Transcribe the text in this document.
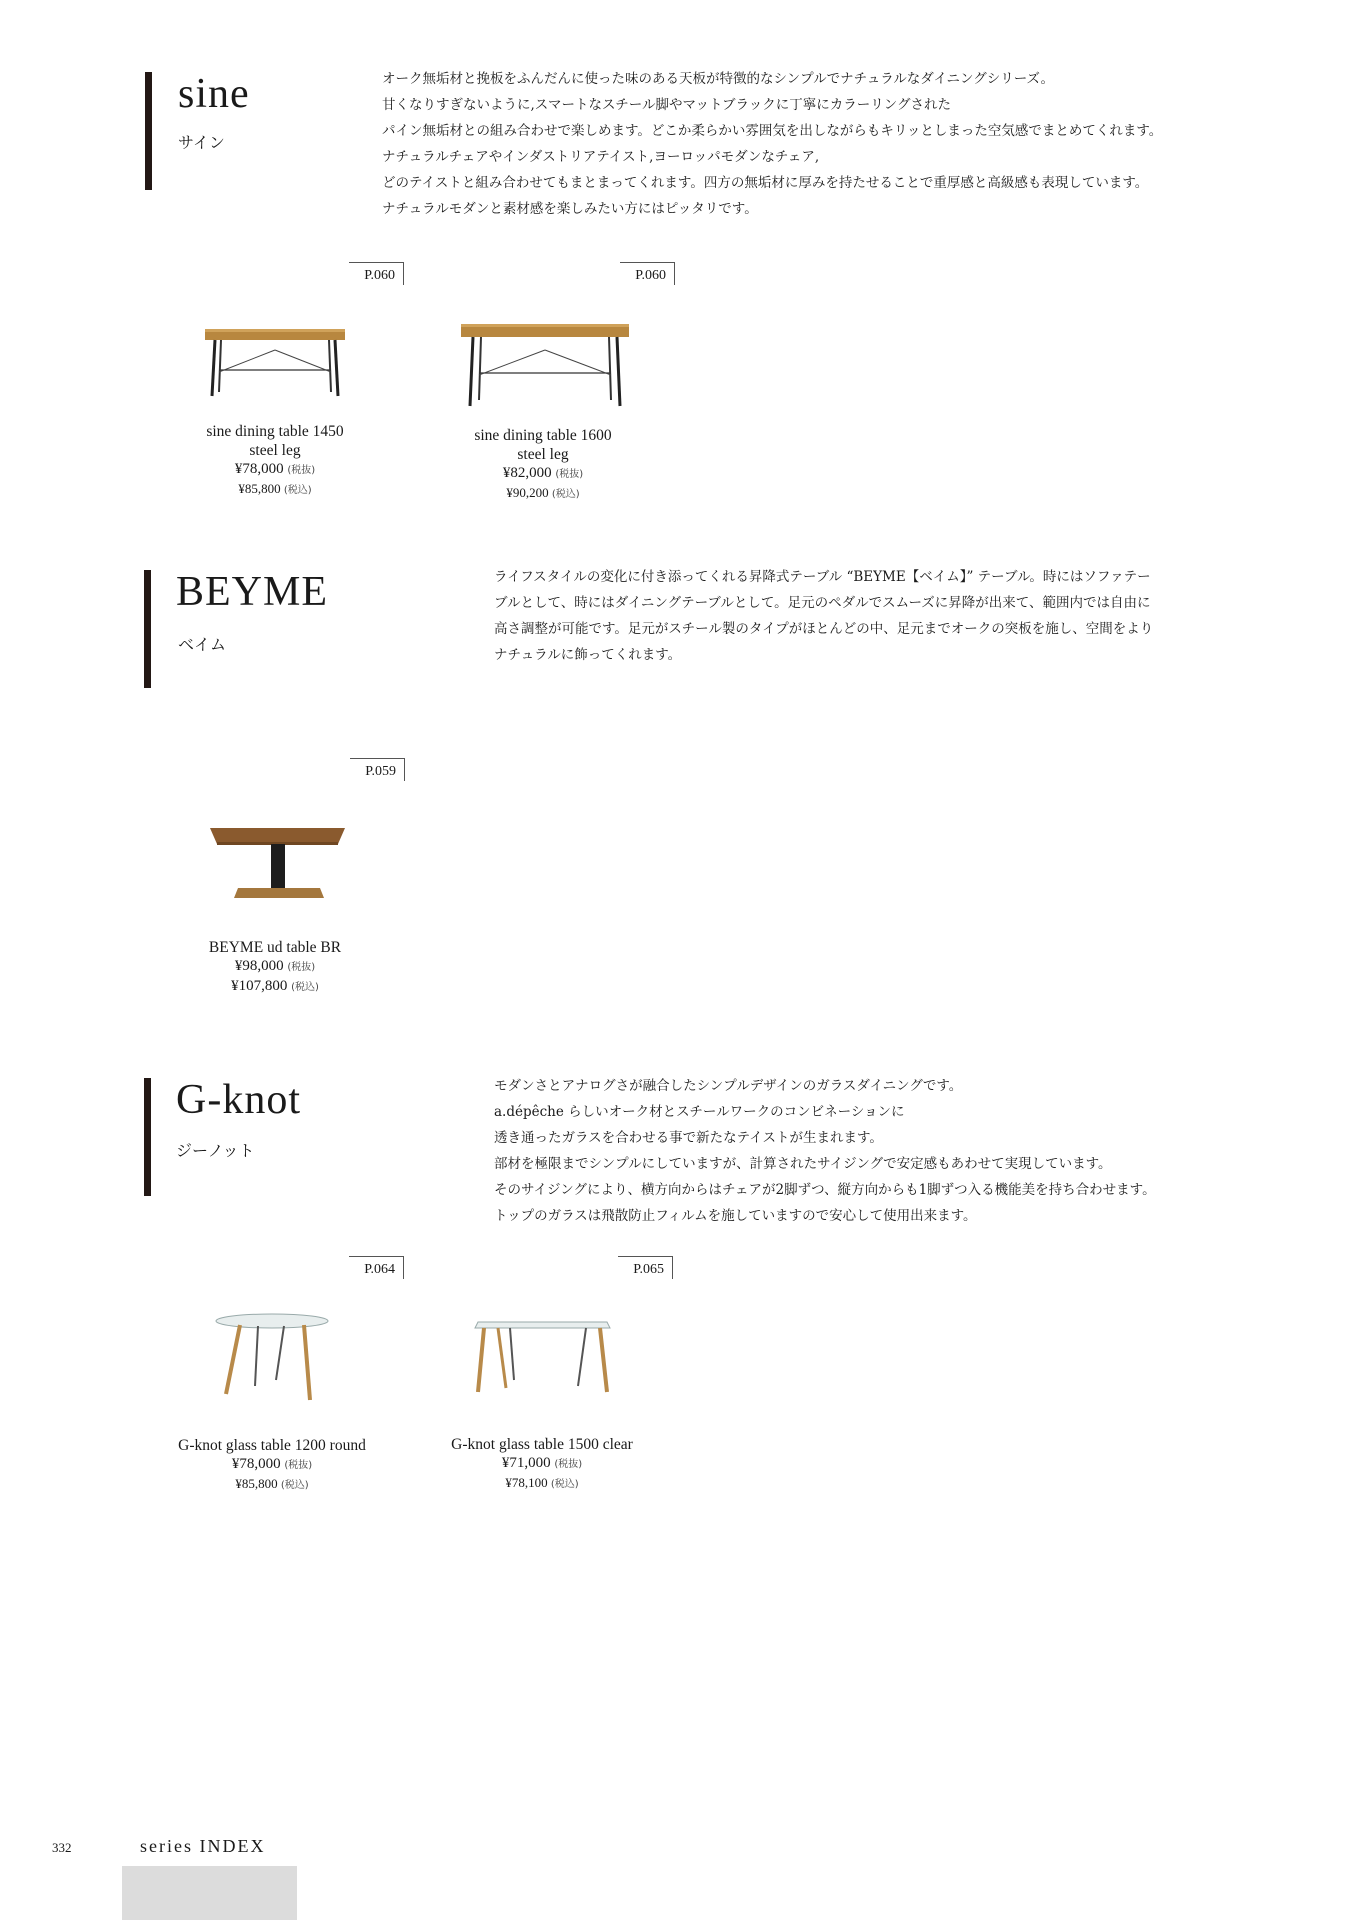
sine
サイン
オーク無垢材と挽板をふんだんに使った味のある天板が特徴的なシンプルでナチュラルなダイニングシリーズ。
甘くなりすぎないように,スマートなスチール脚やマットブラックに丁寧にカラーリングされた
パイン無垢材との組み合わせで楽しめます。どこか柔らかい雰囲気を出しながらもキリッとしまった空気感でまとめてくれます。
ナチュラルチェアやインダストリアテイスト,ヨーロッパモダンなチェア,
どのテイストと組み合わせてもまとまってくれます。四方の無垢材に厚みを持たせることで重厚感と高級感も表現しています。
ナチュラルモダンと素材感を楽しみたい方にはピッタリです。
P.060	P.060
sine dining table 1450
steel leg
¥78,000 (税抜)
¥85,800 (税込)
sine dining table 1600
steel leg
¥82,000 (税抜)
¥90,200 (税込)
BEYME
ベイム
ライフスタイルの変化に付き添ってくれる昇降式テーブル “BEYME【ベイム】” テーブル。時にはソファテー
ブルとして、時にはダイニングテーブルとして。足元のペダルでスムーズに昇降が出来て、範囲内では自由に
高さ調整が可能です。足元がスチール製のタイプがほとんどの中、足元までオークの突板を施し、空間をより
ナチュラルに飾ってくれます。
P.059
BEYME ud table BR
¥98,000 (税抜)
¥107,800 (税込)
G-knot
ジーノット
モダンさとアナログさが融合したシンプルデザインのガラスダイニングです。
a.dépêche らしいオーク材とスチールワークのコンビネーションに
透き通ったガラスを合わせる事で新たなテイストが生まれます。
部材を極限までシンプルにしていますが、計算されたサイジングで安定感もあわせて実現しています。
そのサイジングにより、横方向からはチェアが2脚ずつ、縦方向からも1脚ずつ入る機能美を持ち合わせます。
トップのガラスは飛散防止フィルムを施していますので安心して使用出来ます。
P.064	P.065
G-knot glass table 1200 round
¥78,000 (税抜)
¥85,800 (税込)
G-knot glass table 1500 clear
¥71,000 (税抜)
¥78,100 (税込)
332	series INDEX
